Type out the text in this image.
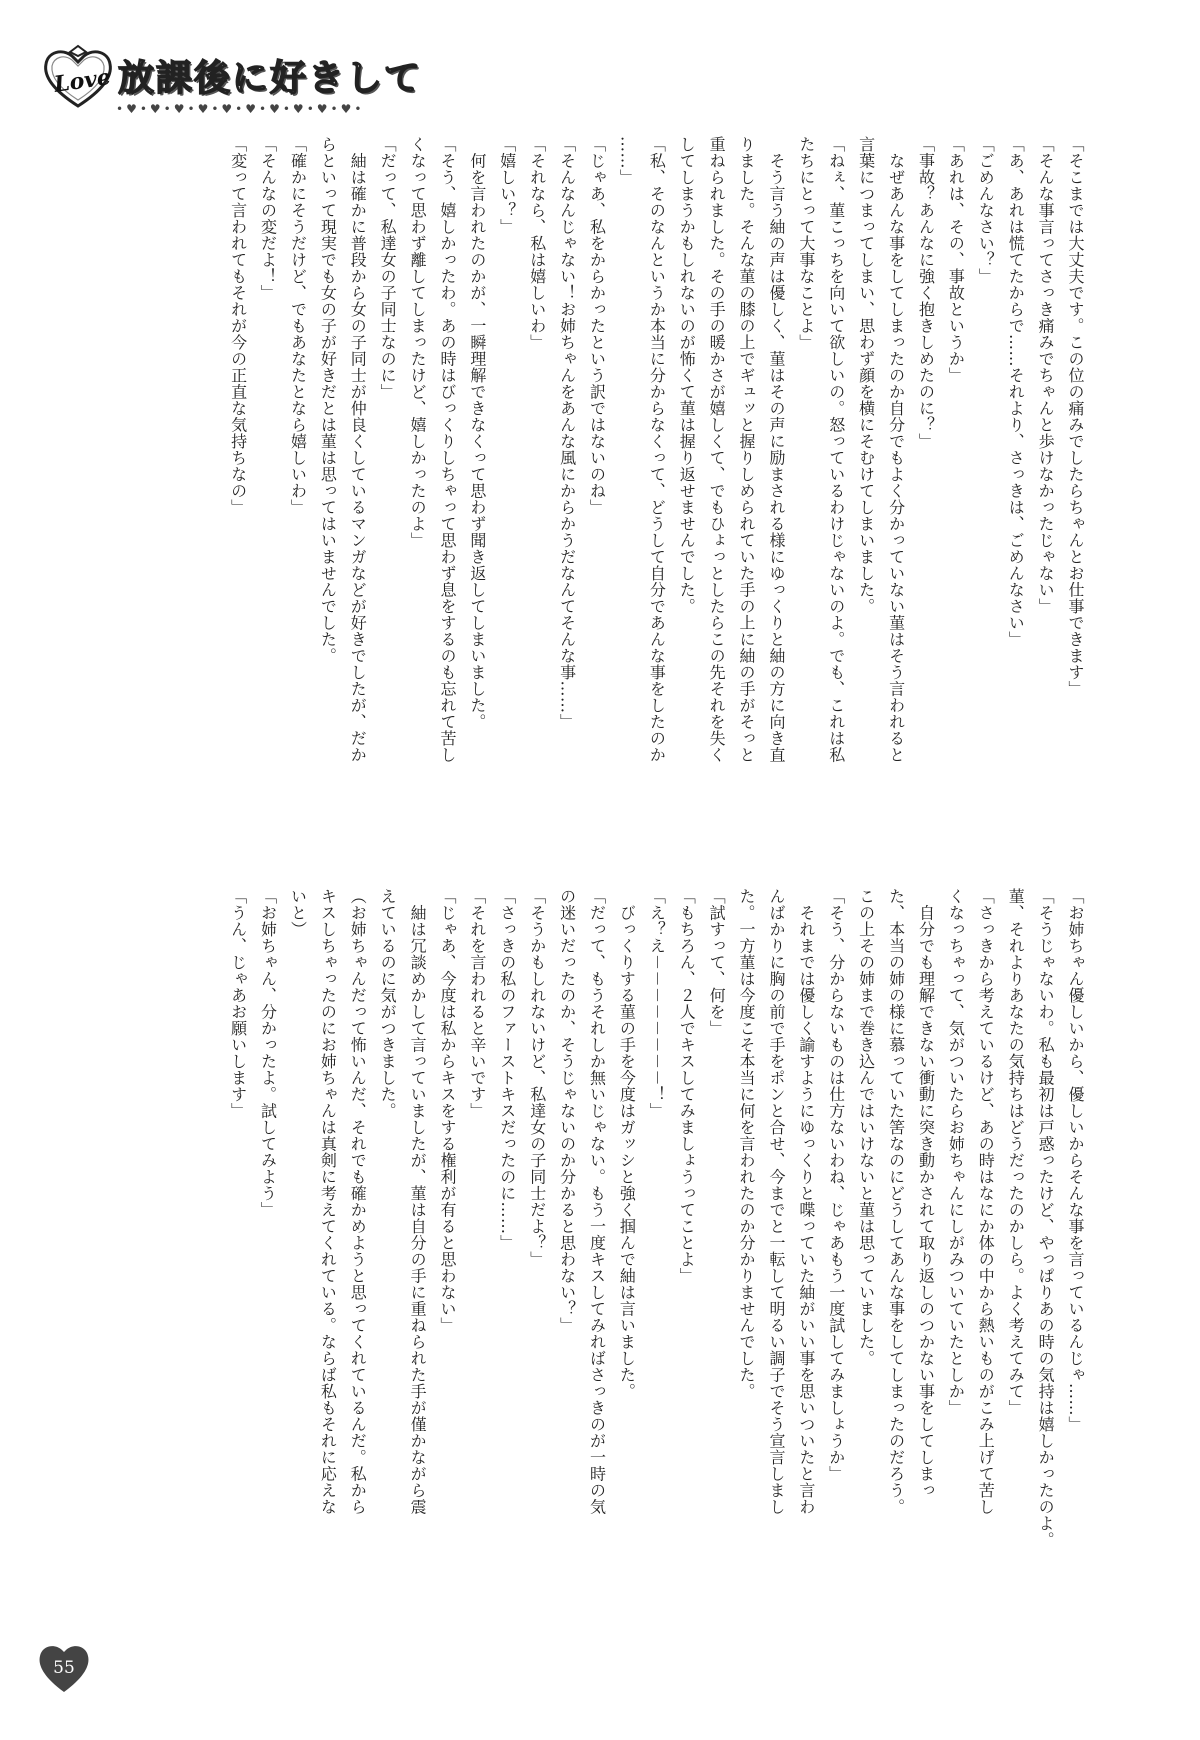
Love 放課後に好きして
•♥•♥•♥•♥•♥•♥•♥•♥•♥•♥•
「そこまでは大丈夫です。この位の痛みでしたらちゃんとお仕事できます」
「そんな事言ってさっき痛みでちゃんと歩けなかったじゃない」
「あ、あれは慌てたからで……それより、さっきは、ごめんなさい」
「ごめんなさい？」
「あれは、その、事故というか」
「事故？あんなに強く抱きしめたのに？」
　なぜあんな事をしてしまったのか自分でもよく分かっていない菫はそう言われると
言葉につまってしまい、思わず顔を横にそむけてしまいました。
「ねぇ、菫こっちを向いて欲しいの。怒っているわけじゃないのよ。でも、これは私
たちにとって大事なことよ」
　そう言う紬の声は優しく、菫はその声に励まされる様にゆっくりと紬の方に向き直
りました。そんな菫の膝の上でギュッと握りしめられていた手の上に紬の手がそっと
重ねられました。その手の暖かさが嬉しくて、でもひょっとしたらこの先それを失く
してしまうかもしれないのが怖くて菫は握り返せませんでした。
「私、そのなんというか本当に分からなくって、どうして自分であんな事をしたのか
……」
「じゃあ、私をからかったという訳ではないのね」
「そんなんじゃない！お姉ちゃんをあんな風にからかうだなんてそんな事……」
「それなら、私は嬉しいわ」
「嬉しい？」
　何を言われたのかが、一瞬理解できなくって思わず聞き返してしまいました。
「そう、嬉しかったわ。あの時はびっくりしちゃって思わず息をするのも忘れて苦し
くなって思わず離してしまったけど、嬉しかったのよ」
「だって、私達女の子同士なのに」
　紬は確かに普段から女の子同士が仲良くしているマンガなどが好きでしたが、だか
らといって現実でも女の子が好きだとは菫は思ってはいませんでした。
「確かにそうだけど、でもあなたとなら嬉しいわ」
「そんなの変だよ！」
「変って言われてもそれが今の正直な気持ちなの」
「お姉ちゃん優しいから、優しいからそんな事を言っているんじゃ……」
「そうじゃないわ。私も最初は戸惑ったけど、やっぱりあの時の気持は嬉しかったのよ。
菫、それよりあなたの気持ちはどうだったのかしら。よく考えてみて」
「さっきから考えているけど、あの時はなにか体の中から熱いものがこみ上げて苦し
くなっちゃって、気がついたらお姉ちゃんにしがみついていたとしか」
　自分でも理解できない衝動に突き動かされて取り返しのつかない事をしてしまっ
た、本当の姉の様に慕っていた筈なのにどうしてあんな事をしてしまったのだろう。
この上その姉まで巻き込んではいけないと菫は思っていました。
「そう、分からないものは仕方ないわね、じゃあもう一度試してみましょうか」
　それまでは優しく諭すようにゆっくりと喋っていた紬がいい事を思いついたと言わ
んばかりに胸の前で手をポンと合せ、今までと一転して明るい調子でそう宣言しまし
た。一方菫は今度こそ本当に何を言われたのか分かりませんでした。
「試すって、何を」
「もちろん、２人でキスしてみましょうってことよ」
「え？え－－－－－－－－！」
　びっくりする菫の手を今度はガッシと強く掴んで紬は言いました。
「だって、もうそれしか無いじゃない。もう一度キスしてみればさっきのが一時の気
の迷いだったのか、そうじゃないのか分かると思わない？」
「そうかもしれないけど、私達女の子同士だよ？」
「さっきの私のファーストキスだったのに……」
「それを言われると辛いです」
「じゃあ、今度は私からキスをする権利が有ると思わない」
　紬は冗談めかして言っていましたが、菫は自分の手に重ねられた手が僅かながら震
えているのに気がつきました。
（お姉ちゃんだって怖いんだ、それでも確かめようと思ってくれているんだ。私から
キスしちゃったのにお姉ちゃんは真剣に考えてくれている。ならば私もそれに応えな
いと）
「お姉ちゃん、分かったよ。試してみよう」
「うん、じゃあお願いします」
55
